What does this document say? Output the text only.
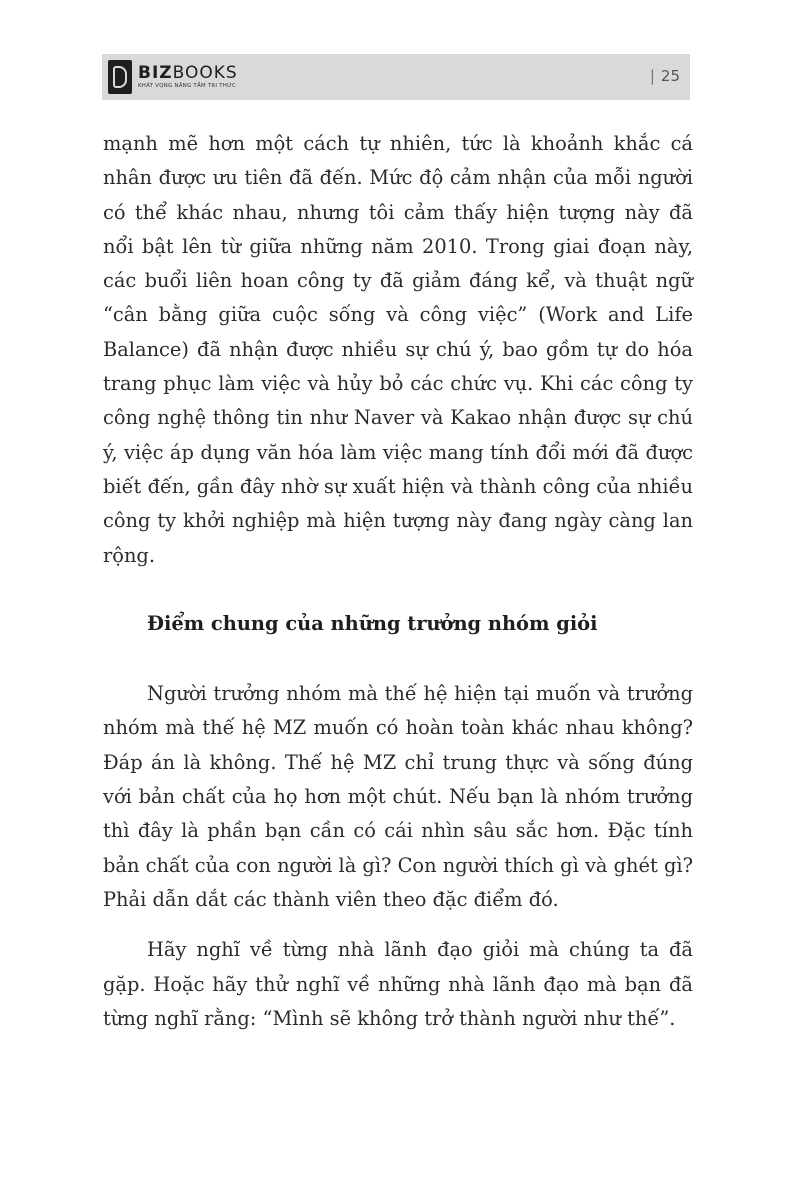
BIZBOOKS
KHÁT VỌNG NÂNG TẦM TRI THỨC
| 25

mạnh mẽ hơn một cách tự nhiên, tức là khoảnh khắc cá nhân được ưu tiên đã đến. Mức độ cảm nhận của mỗi người có thể khác nhau, nhưng tôi cảm thấy hiện tượng này đã nổi bật lên từ giữa những năm 2010. Trong giai đoạn này, các buổi liên hoan công ty đã giảm đáng kể, và thuật ngữ “cân bằng giữa cuộc sống và công việc” (Work and Life Balance) đã nhận được nhiều sự chú ý, bao gồm tự do hóa trang phục làm việc và hủy bỏ các chức vụ. Khi các công ty công nghệ thông tin như Naver và Kakao nhận được sự chú ý, việc áp dụng văn hóa làm việc mang tính đổi mới đã được biết đến, gần đây nhờ sự xuất hiện và thành công của nhiều công ty khởi nghiệp mà hiện tượng này đang ngày càng lan rộng.

Điểm chung của những trưởng nhóm giỏi

Người trưởng nhóm mà thế hệ hiện tại muốn và trưởng nhóm mà thế hệ MZ muốn có hoàn toàn khác nhau không? Đáp án là không. Thế hệ MZ chỉ trung thực và sống đúng với bản chất của họ hơn một chút. Nếu bạn là nhóm trưởng thì đây là phần bạn cần có cái nhìn sâu sắc hơn. Đặc tính bản chất của con người là gì? Con người thích gì và ghét gì? Phải dẫn dắt các thành viên theo đặc điểm đó.

Hãy nghĩ về từng nhà lãnh đạo giỏi mà chúng ta đã gặp. Hoặc hãy thử nghĩ về những nhà lãnh đạo mà bạn đã từng nghĩ rằng: “Mình sẽ không trở thành người như thế”.
